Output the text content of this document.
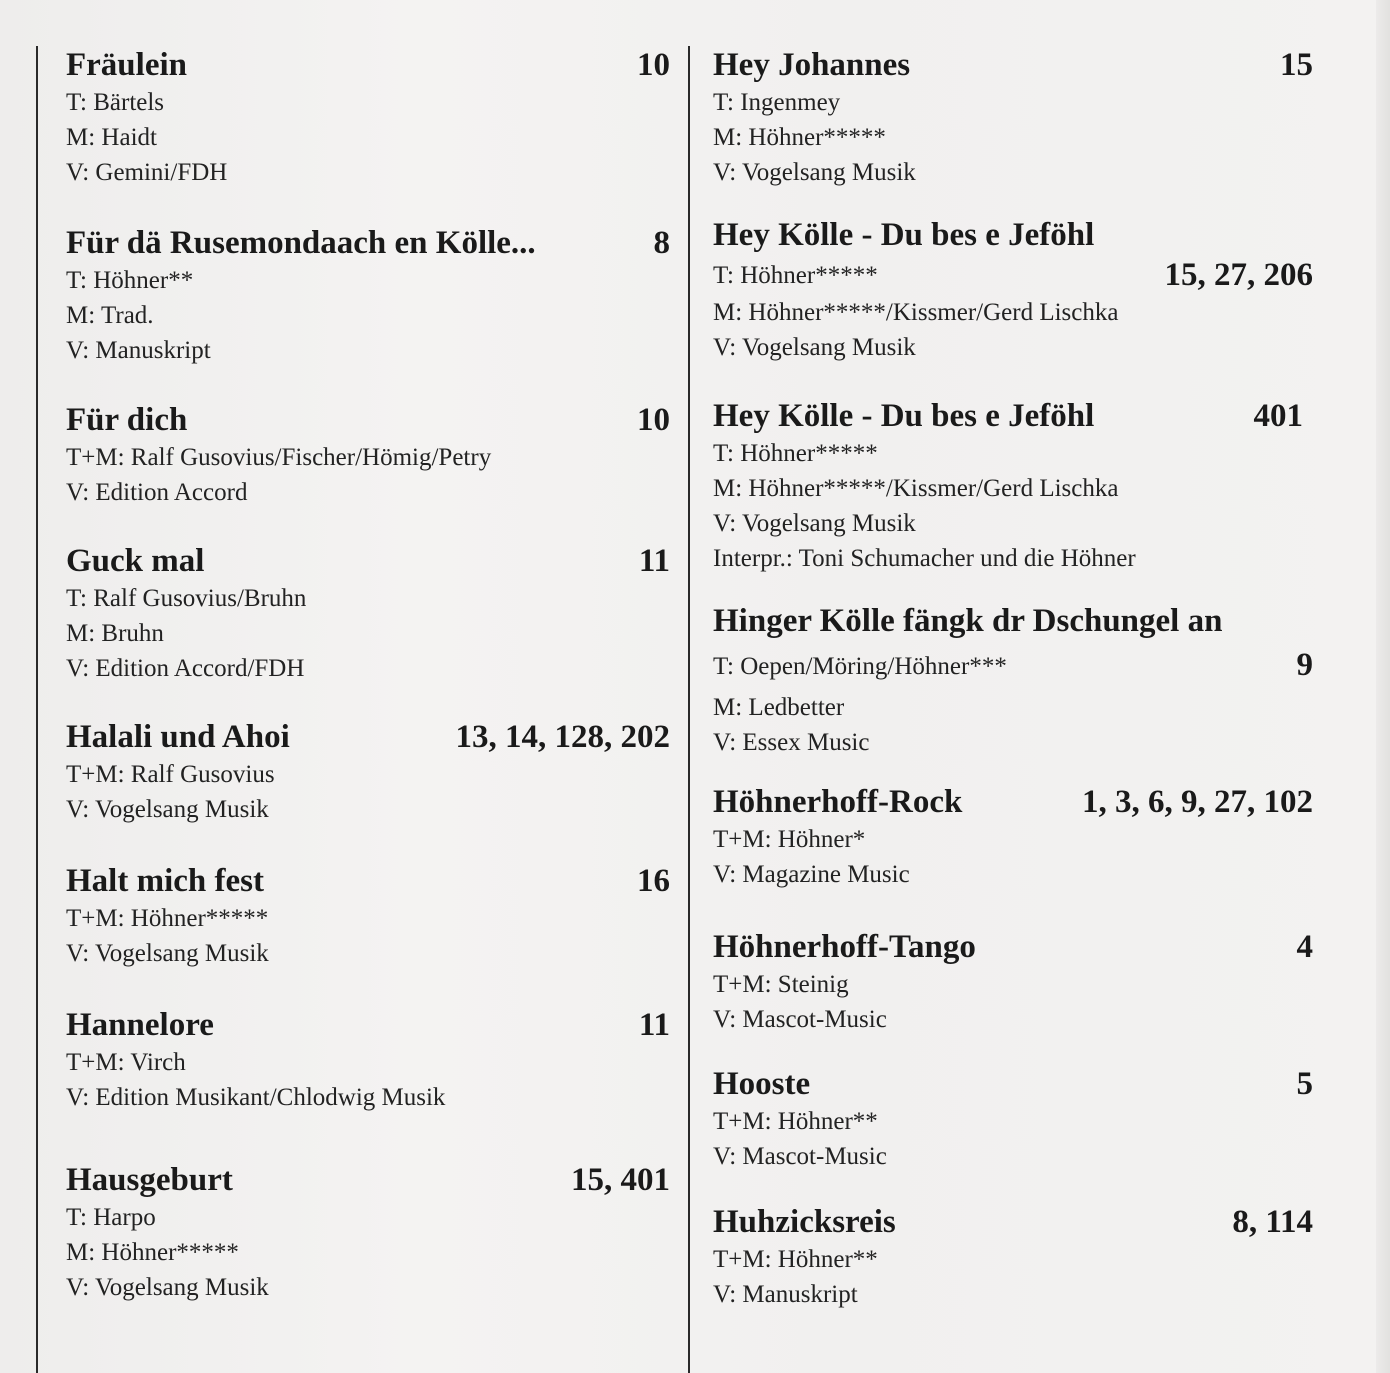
Fräulein	10
T: Bärtels
M: Haidt
V: Gemini/FDH
Für dä Rusemondaach en Kölle...	8
T: Höhner**
M: Trad.
V: Manuskript
Für dich	10
T+M: Ralf Gusovius/Fischer/Hömig/Petry
V: Edition Accord
Guck mal	11
T: Ralf Gusovius/Bruhn
M: Bruhn
V: Edition Accord/FDH
Halali und Ahoi	13, 14, 128, 202
T+M: Ralf Gusovius
V: Vogelsang Musik
Halt mich fest	16
T+M: Höhner*****
V: Vogelsang Musik
Hannelore	11
T+M: Virch
V: Edition Musikant/Chlodwig Musik
Hausgeburt	15, 401
T: Harpo
M: Höhner*****
V: Vogelsang Musik
Hey Johannes	15
T: Ingenmey
M: Höhner*****
V: Vogelsang Musik
Hey Kölle - Du bes e Jeföhl
T: Höhner*****	15, 27, 206
M: Höhner*****/Kissmer/Gerd Lischka
V: Vogelsang Musik
Hey Kölle - Du bes e Jeföhl	401
T: Höhner*****
M: Höhner*****/Kissmer/Gerd Lischka
V: Vogelsang Musik
Interpr.: Toni Schumacher und die Höhner
Hinger Kölle fängk dr Dschungel an
T: Oepen/Möring/Höhner***	9
M: Ledbetter
V: Essex Music
Höhnerhoff-Rock	1, 3, 6, 9, 27, 102
T+M: Höhner*
V: Magazine Music
Höhnerhoff-Tango	4
T+M: Steinig
V: Mascot-Music
Hooste	5
T+M: Höhner**
V: Mascot-Music
Huhzicksreis	8, 114
T+M: Höhner**
V: Manuskript
